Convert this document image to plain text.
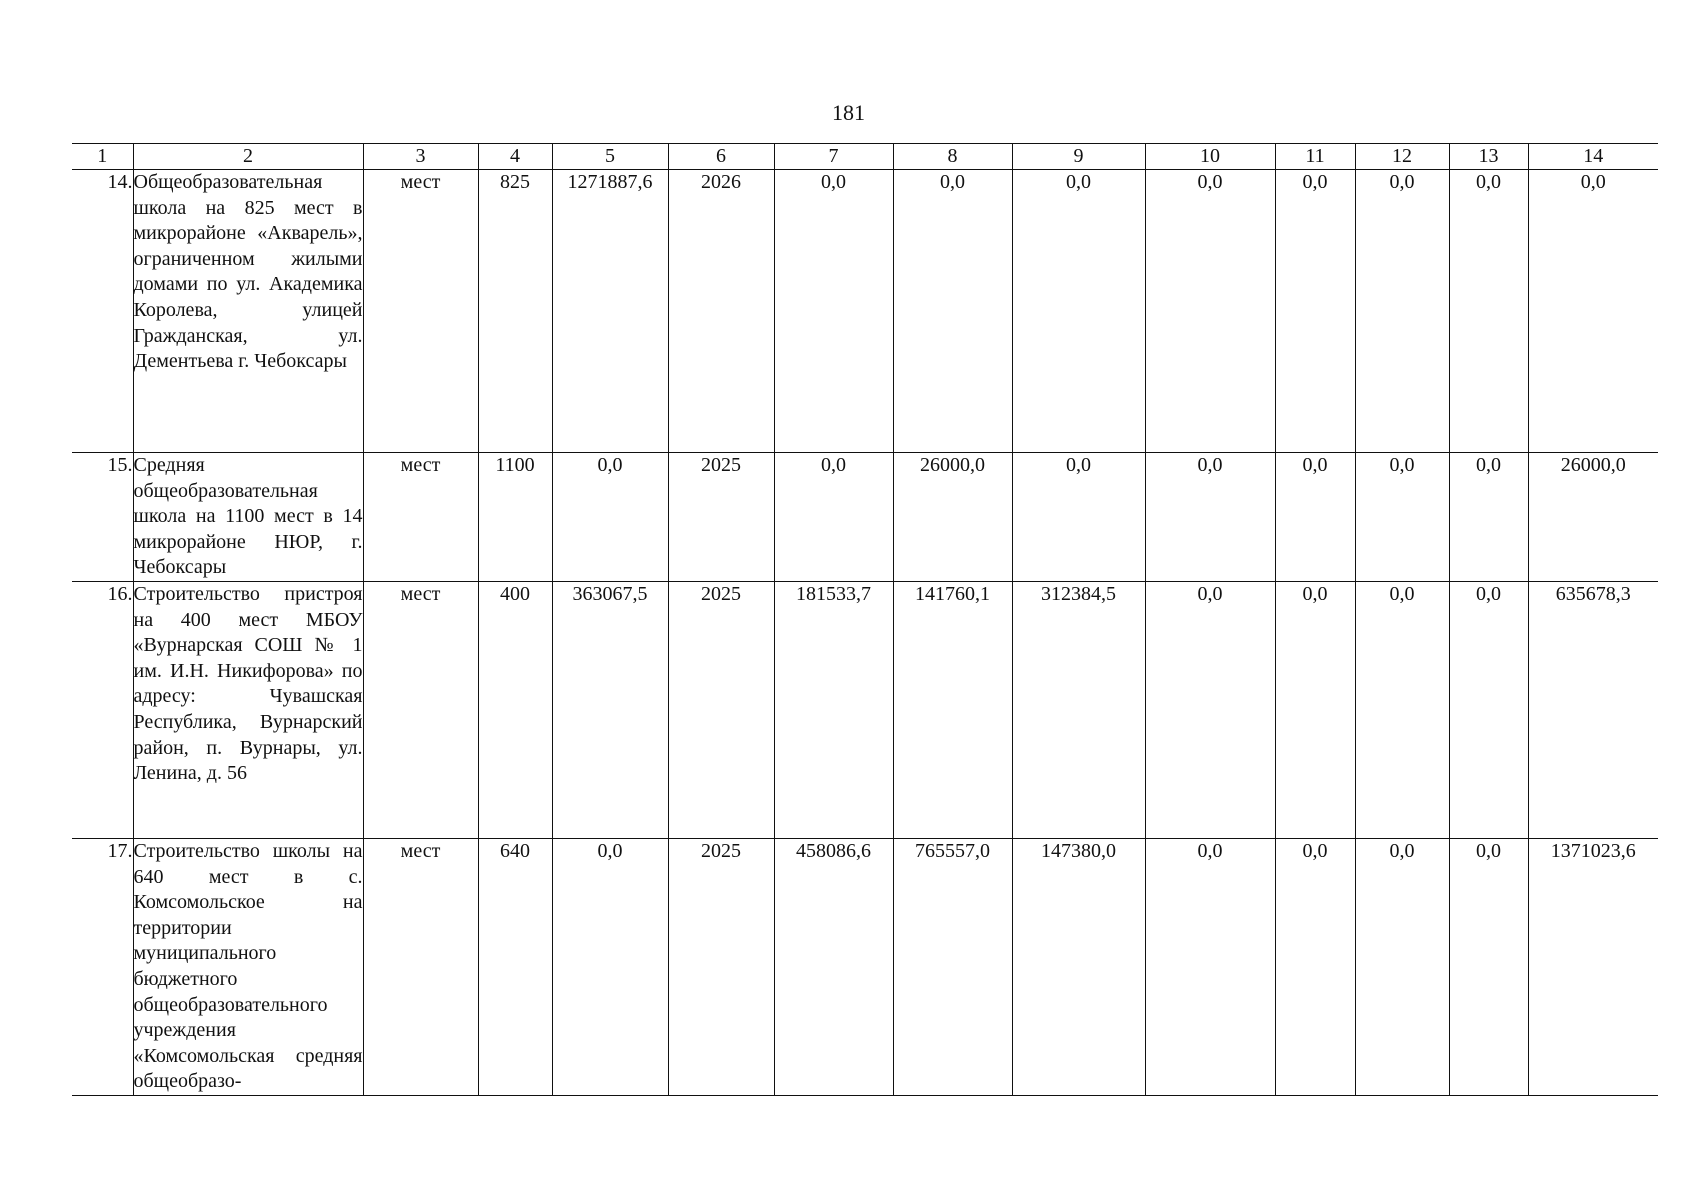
181
1	2	3	4	5	6	7	8	9	10	11	12	13	14
14.	Общеобразовательная школа на 825 мест в микрорайоне «Акварель», ограниченном жилыми домами по ул. Академика Королева, улицей Гражданская, ул. Дементьева г. Чебоксары	мест	825	1271887,6	2026	0,0	0,0	0,0	0,0	0,0	0,0	0,0	0,0
15.	Средняя общеобразовательная школа на 1100 мест в 14 микрорайоне НЮР, г. Чебоксары	мест	1100	0,0	2025	0,0	26000,0	0,0	0,0	0,0	0,0	0,0	26000,0
16.	Строительство пристроя на 400 мест МБОУ «Вурнарская СОШ № 1 им. И.Н. Никифорова» по адресу: Чувашская Республика, Вурнарский район, п. Вурнары, ул. Ленина, д. 56	мест	400	363067,5	2025	181533,7	141760,1	312384,5	0,0	0,0	0,0	0,0	635678,3
17.	Строительство школы на 640 мест в с. Комсомольское на территории муниципального бюджетного общеобразовательного учреждения «Комсомольская средняя общеобразо-	мест	640	0,0	2025	458086,6	765557,0	147380,0	0,0	0,0	0,0	0,0	1371023,6
